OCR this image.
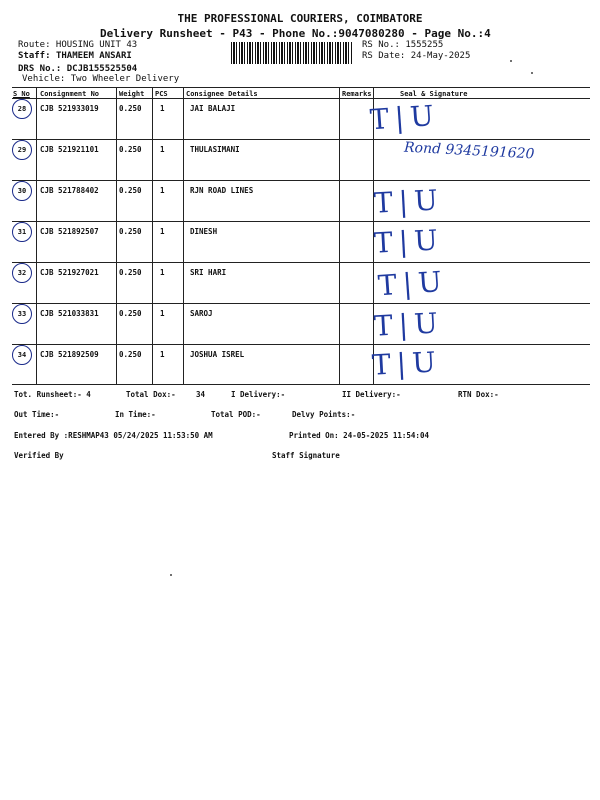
THE PROFESSIONAL COURIERS, COIMBATORE
Delivery Runsheet - P43 - Phone No.:9047080280 - Page No.:4
Route: HOUSING UNIT 43
Staff: THAMEEM ANSARI
DRS No.: DCJB155525504
Vehicle: Two Wheeler Delivery
RS No.: 1555255
RS Date: 24-May-2025
S No Consignment No	Weight PCS	Consignee Details	Remarks	Seal & Signature
28	CJB 521933019	0.250 1	JAI BALAJI	T|U
29	CJB 521921101	0.250 1	THULASIMANI	Rond 9345191620
30	CJB 521788402	0.250 1	RJN ROAD LINES	T|U
31	CJB 521892507	0.250 1	DINESH	T|U
32	CJB 521927021	0.250 1	SRI HARI	T|U
33	CJB 521033831	0.250 1	SAROJ	T|U
34	CJB 521892509	0.250 1	JOSHUA ISREL	T|U
Tot. Runsheet:- 4	Total Dox:-	34	I Delivery:-	II Delivery:-	RTN Dox:-
Out Time:-	In Time:-	Total POD:-	Delvy Points:-
Entered By :RESHMAP43 05/24/2025 11:53:50 AM	Printed On: 24-05-2025 11:54:04
Verified By	Staff Signature
